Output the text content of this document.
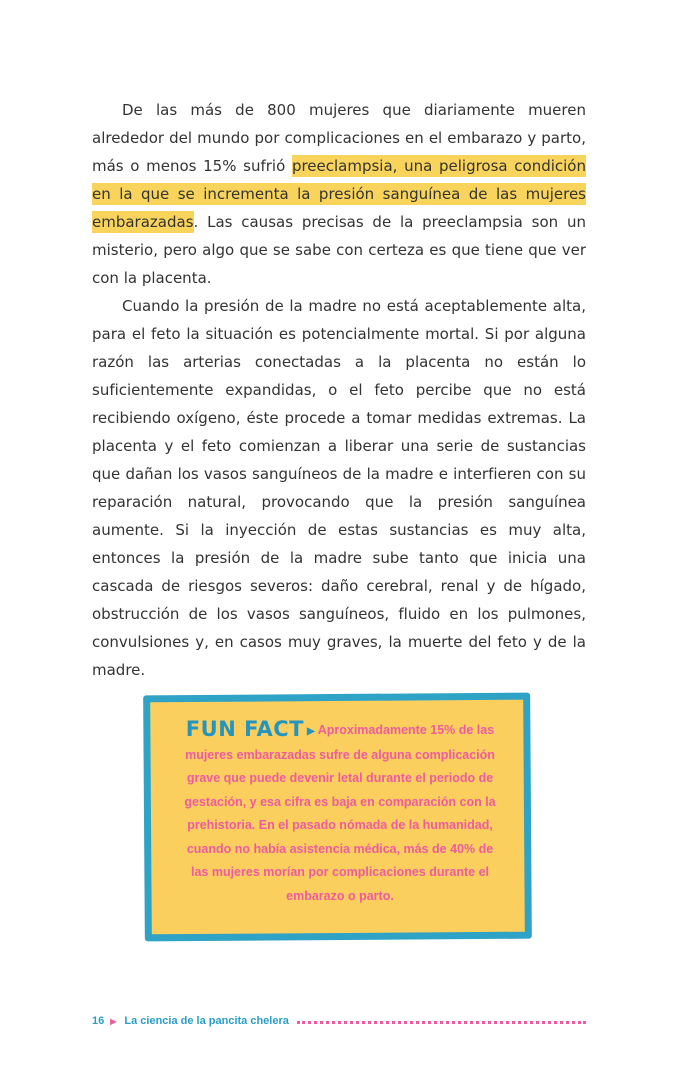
De las más de 800 mujeres que diariamente mueren alrededor del mundo por complicaciones en el embarazo y parto, más o menos 15% sufrió preeclampsia, una peligrosa condición en la que se incrementa la presión sanguínea de las mujeres embarazadas. Las causas precisas de la preeclampsia son un misterio, pero algo que se sabe con certeza es que tiene que ver con la placenta.

Cuando la presión de la madre no está aceptablemente alta, para el feto la situación es potencialmente mortal. Si por alguna razón las arterias conectadas a la placenta no están lo suficientemente expandidas, o el feto percibe que no está recibiendo oxígeno, éste procede a tomar medidas extremas. La placenta y el feto comienzan a liberar una serie de sustancias que dañan los vasos sanguíneos de la madre e interfieren con su reparación natural, provocando que la presión sanguínea aumente. Si la inyección de estas sustancias es muy alta, entonces la presión de la madre sube tanto que inicia una cascada de riesgos severos: daño cerebral, renal y de hígado, obstrucción de los vasos sanguíneos, fluido en los pulmones, convulsiones y, en casos muy graves, la muerte del feto y de la madre.

FUN FACT ▶ Aproximadamente 15% de las mujeres embarazadas sufre de alguna complicación grave que puede devenir letal durante el periodo de gestación, y esa cifra es baja en comparación con la prehistoria. En el pasado nómada de la humanidad, cuando no había asistencia médica, más de 40% de las mujeres morían por complicaciones durante el embarazo o parto.
16 ▶ La ciencia de la pancita chelera
